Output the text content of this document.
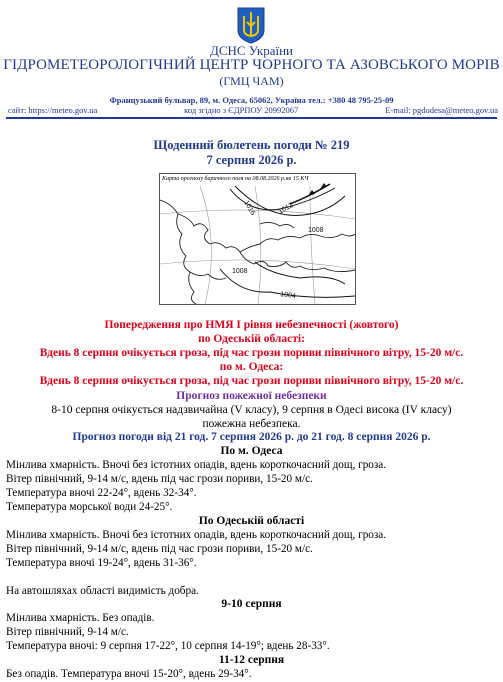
ДСНС України
ГІДРОМЕТЕОРОЛОГІЧНИЙ ЦЕНТР ЧОРНОГО ТА АЗОВСЬКОГО МОРІВ
(ГМЦ ЧАМ)
Французький бульвар, 89, м. Одеса, 65062, Україна тел.: +380 48 795-25-09
сайт: https://meteo.gov.ua	код згідно з ЄДРПОУ 20992067	E-mail: pgdodesa@meteo.gov.ua
Щоденний бюлетень погоди № 219
7 серпня 2026 р.
Карта прогнозу баричного поля на 08.08.2026 р.на 15 КЧ
1016	1012
1008
1008
1004
Попередження про НМЯ I рівня небезпечності (жовтого)
по Одеській області:
Вдень 8 серпня очікується гроза, під час грози пориви північного вітру, 15-20 м/с.
по м. Одеса:
Вдень 8 серпня очікується гроза, під час грози пориви північного вітру, 15-20 м/с.
Прогноз пожежної небезпеки
8-10 серпня очікується надзвичайна (V класу), 9 серпня в Одесі висока (IV класу)
пожежна небезпека.
Прогноз погоди від 21 год. 7 серпня 2026 р. до 21 год. 8 серпня 2026 р.
По м. Одеса
Мінлива хмарність. Вночі без істотних опадів, вдень короткочасний дощ, гроза.
Вітер північний, 9-14 м/с, вдень під час грози пориви, 15-20 м/с.
Температура вночі 22-24°, вдень 32-34°.
Температура морської води 24-25°.
По Одеській області
Мінлива хмарність. Вночі без істотних опадів, вдень короткочасний дощ, гроза.
Вітер північний, 9-14 м/с, вдень під час грози пориви, 15-20 м/с.
Температура вночі 19-24°, вдень 31-36°.
На автошляхах області видимість добра.
9-10 серпня
Мінлива хмарність. Без опадів.
Вітер північний, 9-14 м/с.
Температура вночі: 9 серпня 17-22°, 10 серпня 14-19°; вдень 28-33°.
11-12 серпня
Без опадів. Температура вночі 15-20°, вдень 29-34°.
